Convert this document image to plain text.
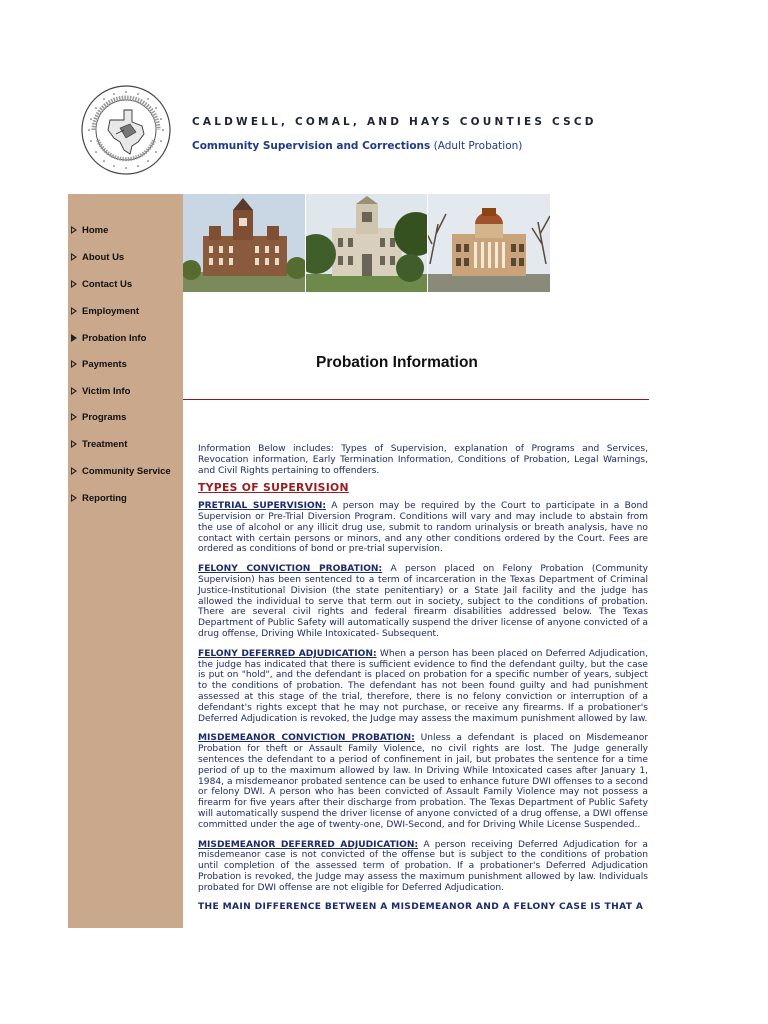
CALDWELL, COMAL, AND HAYS COUNTIES CSCD
Community Supervision and Corrections (Adult Probation)
Home
About Us
Contact Us
Employment
Probation Info
Payments
Victim Info
Programs
Treatment
Community Service
Reporting
Probation Information

Information Below includes: Types of Supervision, explanation of Programs and Services, Revocation information, Early Termination Information, Conditions of Probation, Legal Warnings, and Civil Rights pertaining to offenders.

TYPES OF SUPERVISION

PRETRIAL SUPERVISION: A person may be required by the Court to participate in a Bond Supervision or Pre-Trial Diversion Program. Conditions will vary and may include to abstain from the use of alcohol or any illicit drug use, submit to random urinalysis or breath analysis, have no contact with certain persons or minors, and any other conditions ordered by the Court. Fees are ordered as conditions of bond or pre-trial supervision.

FELONY CONVICTION PROBATION: A person placed on Felony Probation (Community Supervision) has been sentenced to a term of incarceration in the Texas Department of Criminal Justice-Institutional Division (the state penitentiary) or a State Jail facility and the judge has allowed the individual to serve that term out in society, subject to the conditions of probation. There are several civil rights and federal firearm disabilities addressed below. The Texas Department of Public Safety will automatically suspend the driver license of anyone convicted of a drug offense, Driving While Intoxicated- Subsequent.

FELONY DEFERRED ADJUDICATION: When a person has been placed on Deferred Adjudication, the judge has indicated that there is sufficient evidence to find the defendant guilty, but the case is put on "hold", and the defendant is placed on probation for a specific number of years, subject to the conditions of probation. The defendant has not been found guilty and had punishment assessed at this stage of the trial, therefore, there is no felony conviction or interruption of a defendant's rights except that he may not purchase, or receive any firearms. If a probationer's Deferred Adjudication is revoked, the Judge may assess the maximum punishment allowed by law.

MISDEMEANOR CONVICTION PROBATION: Unless a defendant is placed on Misdemeanor Probation for theft or Assault Family Violence, no civil rights are lost. The Judge generally sentences the defendant to a period of confinement in jail, but probates the sentence for a time period of up to the maximum allowed by law. In Driving While Intoxicated cases after January 1, 1984, a misdemeanor probated sentence can be used to enhance future DWI offenses to a second or felony DWI. A person who has been convicted of Assault Family Violence may not possess a firearm for five years after their discharge from probation. The Texas Department of Public Safety will automatically suspend the driver license of anyone convicted of a drug offense, a DWI offense committed under the age of twenty-one, DWI-Second, and for Driving While License Suspended..

MISDEMEANOR DEFERRED ADJUDICATION: A person receiving Deferred Adjudication for a misdemeanor case is not convicted of the offense but is subject to the conditions of probation until completion of the assessed term of probation. If a probationer's Deferred Adjudication Probation is revoked, the Judge may assess the maximum punishment allowed by law. Individuals probated for DWI offense are not eligible for Deferred Adjudication.

THE MAIN DIFFERENCE BETWEEN A MISDEMEANOR AND A FELONY CASE IS THAT A
